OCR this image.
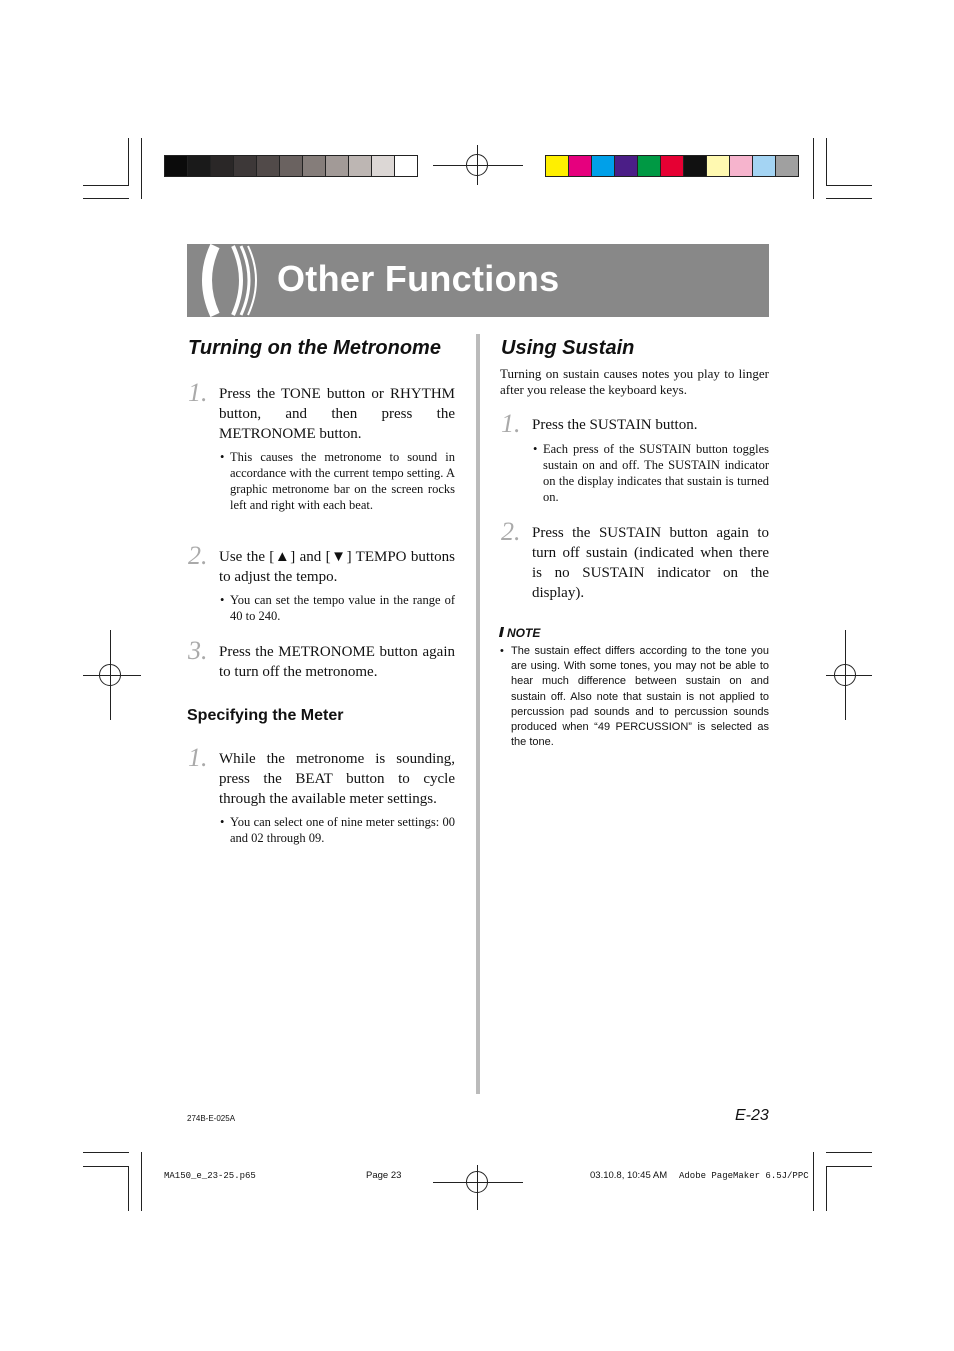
Other Functions
Turning on the Metronome
1. Press the TONE button or RHYTHM button, and then press the METRONOME button.
• This causes the metronome to sound in accordance with the current tempo setting. A graphic metronome bar on the screen rocks left and right with each beat.
2. Use the [▲] and [▼] TEMPO buttons to adjust the tempo.
• You can set the tempo value in the range of 40 to 240.
3. Press the METRONOME button again to turn off the metronome.
Specifying the Meter
1. While the metronome is sounding, press the BEAT button to cycle through the available meter settings.
• You can select one of nine meter settings: 00 and 02 through 09.
Using Sustain
Turning on sustain causes notes you play to linger after you release the keyboard keys.
1. Press the SUSTAIN button.
• Each press of the SUSTAIN button toggles sustain on and off. The SUSTAIN indicator on the display indicates that sustain is turned on.
2. Press the SUSTAIN button again to turn off sustain (indicated when there is no SUSTAIN indicator on the display).
NOTE
• The sustain effect differs according to the tone you are using. With some tones, you may not be able to hear much difference between sustain on and sustain off. Also note that sustain is not applied to percussion pad sounds and to percussion sounds produced when “49 PERCUSSION” is selected as the tone.
274B-E-025A	E-23
MA150_e_23-25.p65	Page 23	03.10.8, 10:45 AM Adobe PageMaker 6.5J/PPC
